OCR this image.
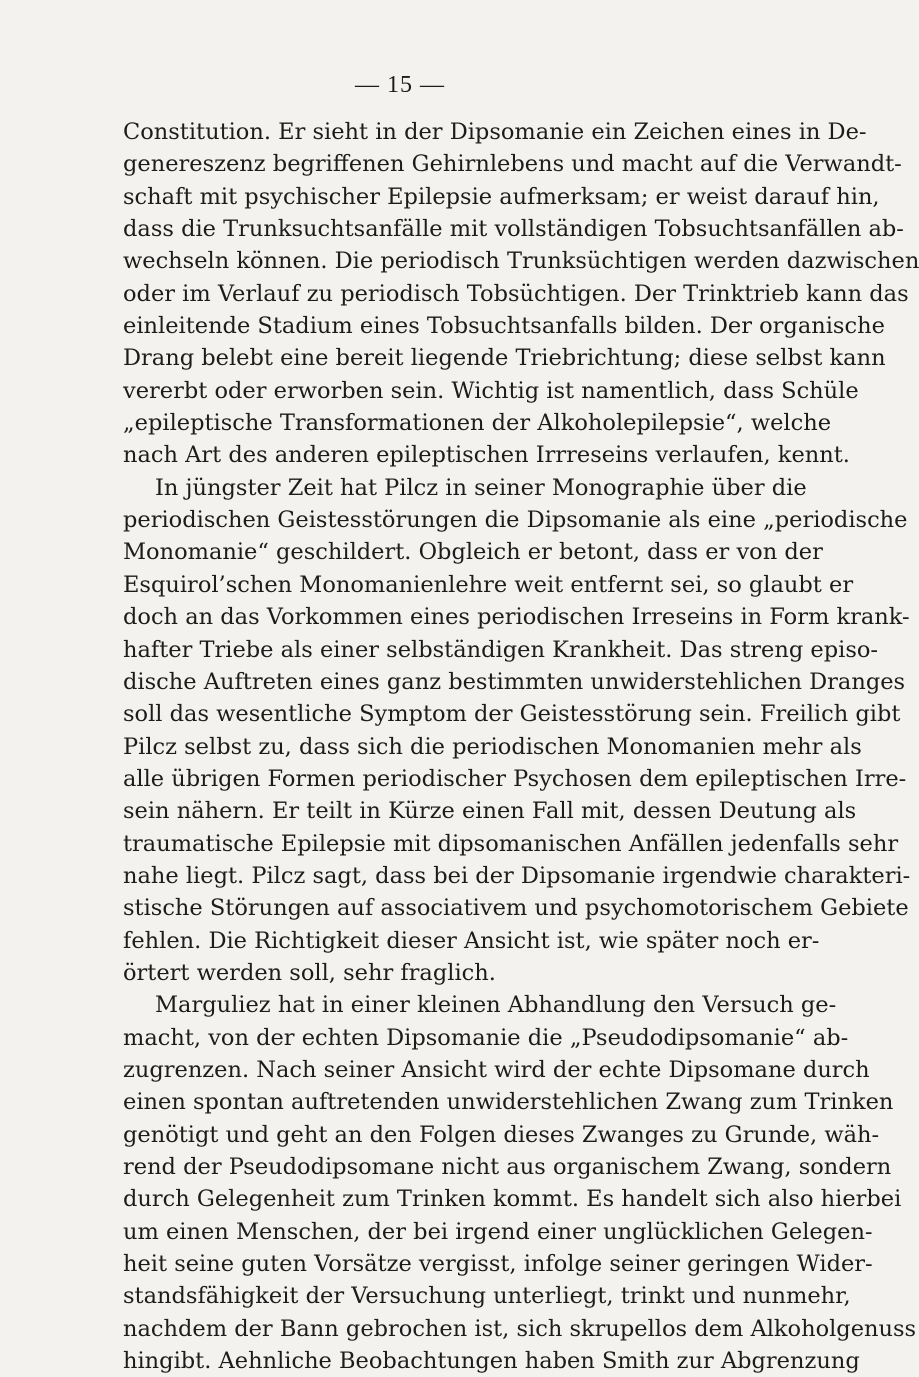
— 15 —
Constitution. Er sieht in der Dipsomanie ein Zeichen eines in De-
genereszenz begriffenen Gehirnlebens und macht auf die Verwandt-
schaft mit psychischer Epilepsie aufmerksam; er weist darauf hin,
dass die Trunksuchtsanfälle mit vollständigen Tobsuchtsanfällen ab-
wechseln können. Die periodisch Trunksüchtigen werden dazwischen
oder im Verlauf zu periodisch Tobsüchtigen. Der Trinktrieb kann das
einleitende Stadium eines Tobsuchtsanfalls bilden. Der organische
Drang belebt eine bereit liegende Triebrichtung; diese selbst kann
vererbt oder erworben sein. Wichtig ist namentlich, dass Schüle
„epileptische Transformationen der Alkoholepilepsie“, welche
nach Art des anderen epileptischen Irrreseins verlaufen, kennt.
In jüngster Zeit hat Pilcz in seiner Monographie über die
periodischen Geistesstörungen die Dipsomanie als eine „periodische
Monomanie“ geschildert. Obgleich er betont, dass er von der
Esquirol’schen Monomanienlehre weit entfernt sei, so glaubt er
doch an das Vorkommen eines periodischen Irreseins in Form krank-
hafter Triebe als einer selbständigen Krankheit. Das streng episo-
dische Auftreten eines ganz bestimmten unwiderstehlichen Dranges
soll das wesentliche Symptom der Geistesstörung sein. Freilich gibt
Pilcz selbst zu, dass sich die periodischen Monomanien mehr als
alle übrigen Formen periodischer Psychosen dem epileptischen Irre-
sein nähern. Er teilt in Kürze einen Fall mit, dessen Deutung als
traumatische Epilepsie mit dipsomanischen Anfällen jedenfalls sehr
nahe liegt. Pilcz sagt, dass bei der Dipsomanie irgendwie charakteri-
stische Störungen auf associativem und psychomotorischem Gebiete
fehlen. Die Richtigkeit dieser Ansicht ist, wie später noch er-
örtert werden soll, sehr fraglich.
Marguliez hat in einer kleinen Abhandlung den Versuch ge-
macht, von der echten Dipsomanie die „Pseudodipsomanie“ ab-
zugrenzen. Nach seiner Ansicht wird der echte Dipsomane durch
einen spontan auftretenden unwiderstehlichen Zwang zum Trinken
genötigt und geht an den Folgen dieses Zwanges zu Grunde, wäh-
rend der Pseudodipsomane nicht aus organischem Zwang, sondern
durch Gelegenheit zum Trinken kommt. Es handelt sich also hierbei
um einen Menschen, der bei irgend einer unglücklichen Gelegen-
heit seine guten Vorsätze vergisst, infolge seiner geringen Wider-
standsfähigkeit der Versuchung unterliegt, trinkt und nunmehr,
nachdem der Bann gebrochen ist, sich skrupellos dem Alkoholgenuss
hingibt. Aehnliche Beobachtungen haben Smith zur Abgrenzung
